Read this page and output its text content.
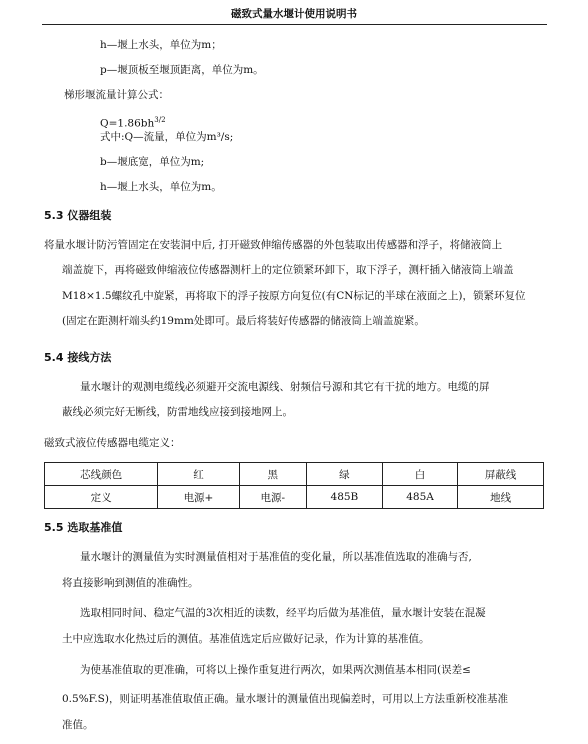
磁致式量水堰计使用说明书
h—堰上水头，单位为m；
p—堰顶板至堰顶距离，单位为m。
梯形堰流量计算公式：
$Q=1.86bh^{3/2}$
式中:Q—流量，单位为m³/s;
b—堰底宽，单位为m;
h—堰上水头，单位为m。
5.3 仪器组装
将量水堰计防污管固定在安装洞中后, 打开磁致伸缩传感器的外包装取出传感器和浮子，将储液筒上
端盖旋下，再将磁致伸缩液位传感器测杆上的定位锁紧环卸下，取下浮子，测杆插入储液筒上端盖
M18×1.5螺纹孔中旋紧，再将取下的浮子按原方向复位(有CN标记的半球在液面之上)，锁紧环复位
(固定在距测杆端头约19mm处即可。最后将装好传感器的储液筒上端盖旋紧。
5.4 接线方法
量水堰计的观测电缆线必须避开交流电源线、射频信号源和其它有干扰的地方。电缆的屏
蔽线必须完好无断线，防雷地线应接到接地网上。
磁致式液位传感器电缆定义：
芯线颜色	红	黑	绿	白	屏蔽线
定义	电源+	电源-	485B	485A	地线
5.5 选取基准值
量水堰计的测量值为实时测量值相对于基准值的变化量，所以基准值选取的准确与否,
将直接影响到测值的准确性。
选取相同时间、稳定气温的3次相近的读数，经平均后做为基准值，量水堰计安装在混凝
土中应选取水化热过后的测值。基准值选定后应做好记录，作为计算的基准值。
为使基准值取的更准确，可将以上操作重复进行两次，如果两次测值基本相同(误差≤
0.5%F.S)，则证明基准值取值正确。量水堰计的测量值出现偏差时，可用以上方法重新校准基准
准值。
